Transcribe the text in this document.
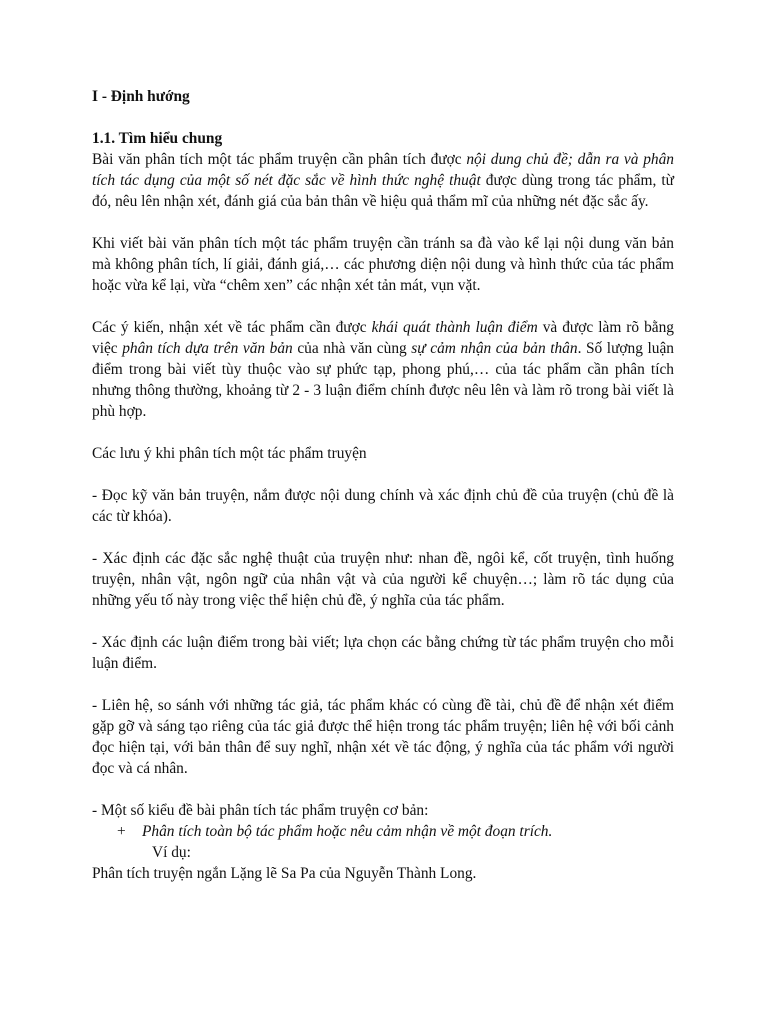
I - Định hướng

1.1. Tìm hiểu chung

Bài văn phân tích một tác phẩm truyện cần phân tích được nội dung chủ đề; dẫn ra và phân tích tác dụng của một số nét đặc sắc về hình thức nghệ thuật được dùng trong tác phẩm, từ đó, nêu lên nhận xét, đánh giá của bản thân về hiệu quả thẩm mĩ của những nét đặc sắc ấy.

Khi viết bài văn phân tích một tác phẩm truyện cần tránh sa đà vào kể lại nội dung văn bản mà không phân tích, lí giải, đánh giá,… các phương diện nội dung và hình thức của tác phẩm hoặc vừa kể lại, vừa “chêm xen” các nhận xét tản mát, vụn vặt.

Các ý kiến, nhận xét về tác phẩm cần được khái quát thành luận điểm và được làm rõ bằng việc phân tích dựa trên văn bản của nhà văn cùng sự cảm nhận của bản thân. Số lượng luận điểm trong bài viết tùy thuộc vào sự phức tạp, phong phú,… của tác phẩm cần phân tích nhưng thông thường, khoảng từ 2 - 3 luận điểm chính được nêu lên và làm rõ trong bài viết là phù hợp.

Các lưu ý khi phân tích một tác phẩm truyện

- Đọc kỹ văn bản truyện, nắm được nội dung chính và xác định chủ đề của truyện (chủ đề là các từ khóa).

- Xác định các đặc sắc nghệ thuật của truyện như: nhan đề, ngôi kể, cốt truyện, tình huống truyện, nhân vật, ngôn ngữ của nhân vật và của người kể chuyện…; làm rõ tác dụng của những yếu tố này trong việc thể hiện chủ đề, ý nghĩa của tác phẩm.

- Xác định các luận điểm trong bài viết; lựa chọn các bằng chứng từ tác phẩm truyện cho mỗi luận điểm.

- Liên hệ, so sánh với những tác giả, tác phẩm khác có cùng đề tài, chủ đề để nhận xét điểm gặp gỡ và sáng tạo riêng của tác giả được thể hiện trong tác phẩm truyện; liên hệ với bối cảnh đọc hiện tại, với bản thân để suy nghĩ, nhận xét về tác động, ý nghĩa của tác phẩm với người đọc và cá nhân.

- Một số kiểu đề bài phân tích tác phẩm truyện cơ bản:

+	Phân tích toàn bộ tác phẩm hoặc nêu cảm nhận về một đoạn trích.

Ví dụ:

Phân tích truyện ngắn Lặng lẽ Sa Pa của Nguyễn Thành Long.
